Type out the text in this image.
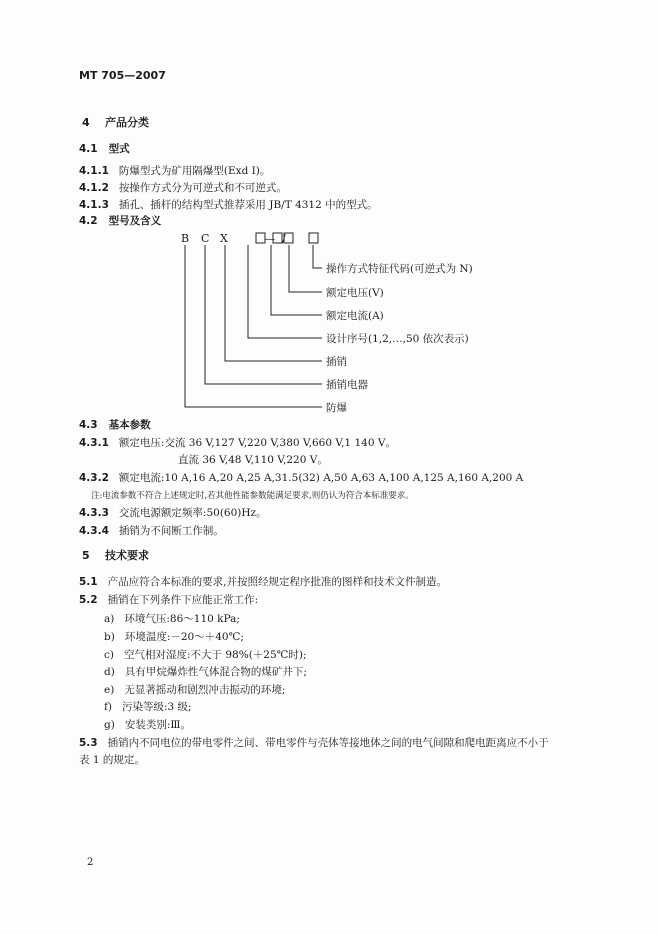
MT 705—2007
4 产品分类
4.1 型式
4.1.1 防爆型式为矿用隔爆型(Exd I)。
4.1.2 按操作方式分为可逆式和不可逆式。
4.1.3 插孔、插杆的结构型式推荐采用 JB/T 4312 中的型式。
4.2 型号及含义
B C X	— /
操作方式特征代码(可逆式为 N)
额定电压(V)
额定电流(A)
设计序号(1,2,…,50 依次表示)
插销
插销电器
防爆
4.3 基本参数
4.3.1 额定电压:交流 36 V,127 V,220 V,380 V,660 V,1 140 V。
直流 36 V,48 V,110 V,220 V。
4.3.2 额定电流:10 A,16 A,20 A,25 A,31.5(32) A,50 A,63 A,100 A,125 A,160 A,200 A
注:电流参数不符合上述规定时,若其他性能参数能满足要求,则仍认为符合本标准要求。
4.3.3 交流电源额定频率:50(60)Hz。
4.3.4 插销为不间断工作制。
5 技术要求
5.1 产品应符合本标准的要求,并按照经规定程序批准的图样和技术文件制造。
5.2 插销在下列条件下应能正常工作:
a) 环境气压:86～110 kPa;
b) 环境温度:－20～＋40℃;
c) 空气相对湿度:不大于 98%(＋25℃时);
d) 具有甲烷爆炸性气体混合物的煤矿井下;
e) 无显著摇动和剧烈冲击振动的环境;
f) 污染等级:3 级;
g) 安装类别:Ⅲ。
5.3 插销内不同电位的带电零件之间、带电零件与壳体等接地体之间的电气间隙和爬电距离应不小于
表 1 的规定。
2
